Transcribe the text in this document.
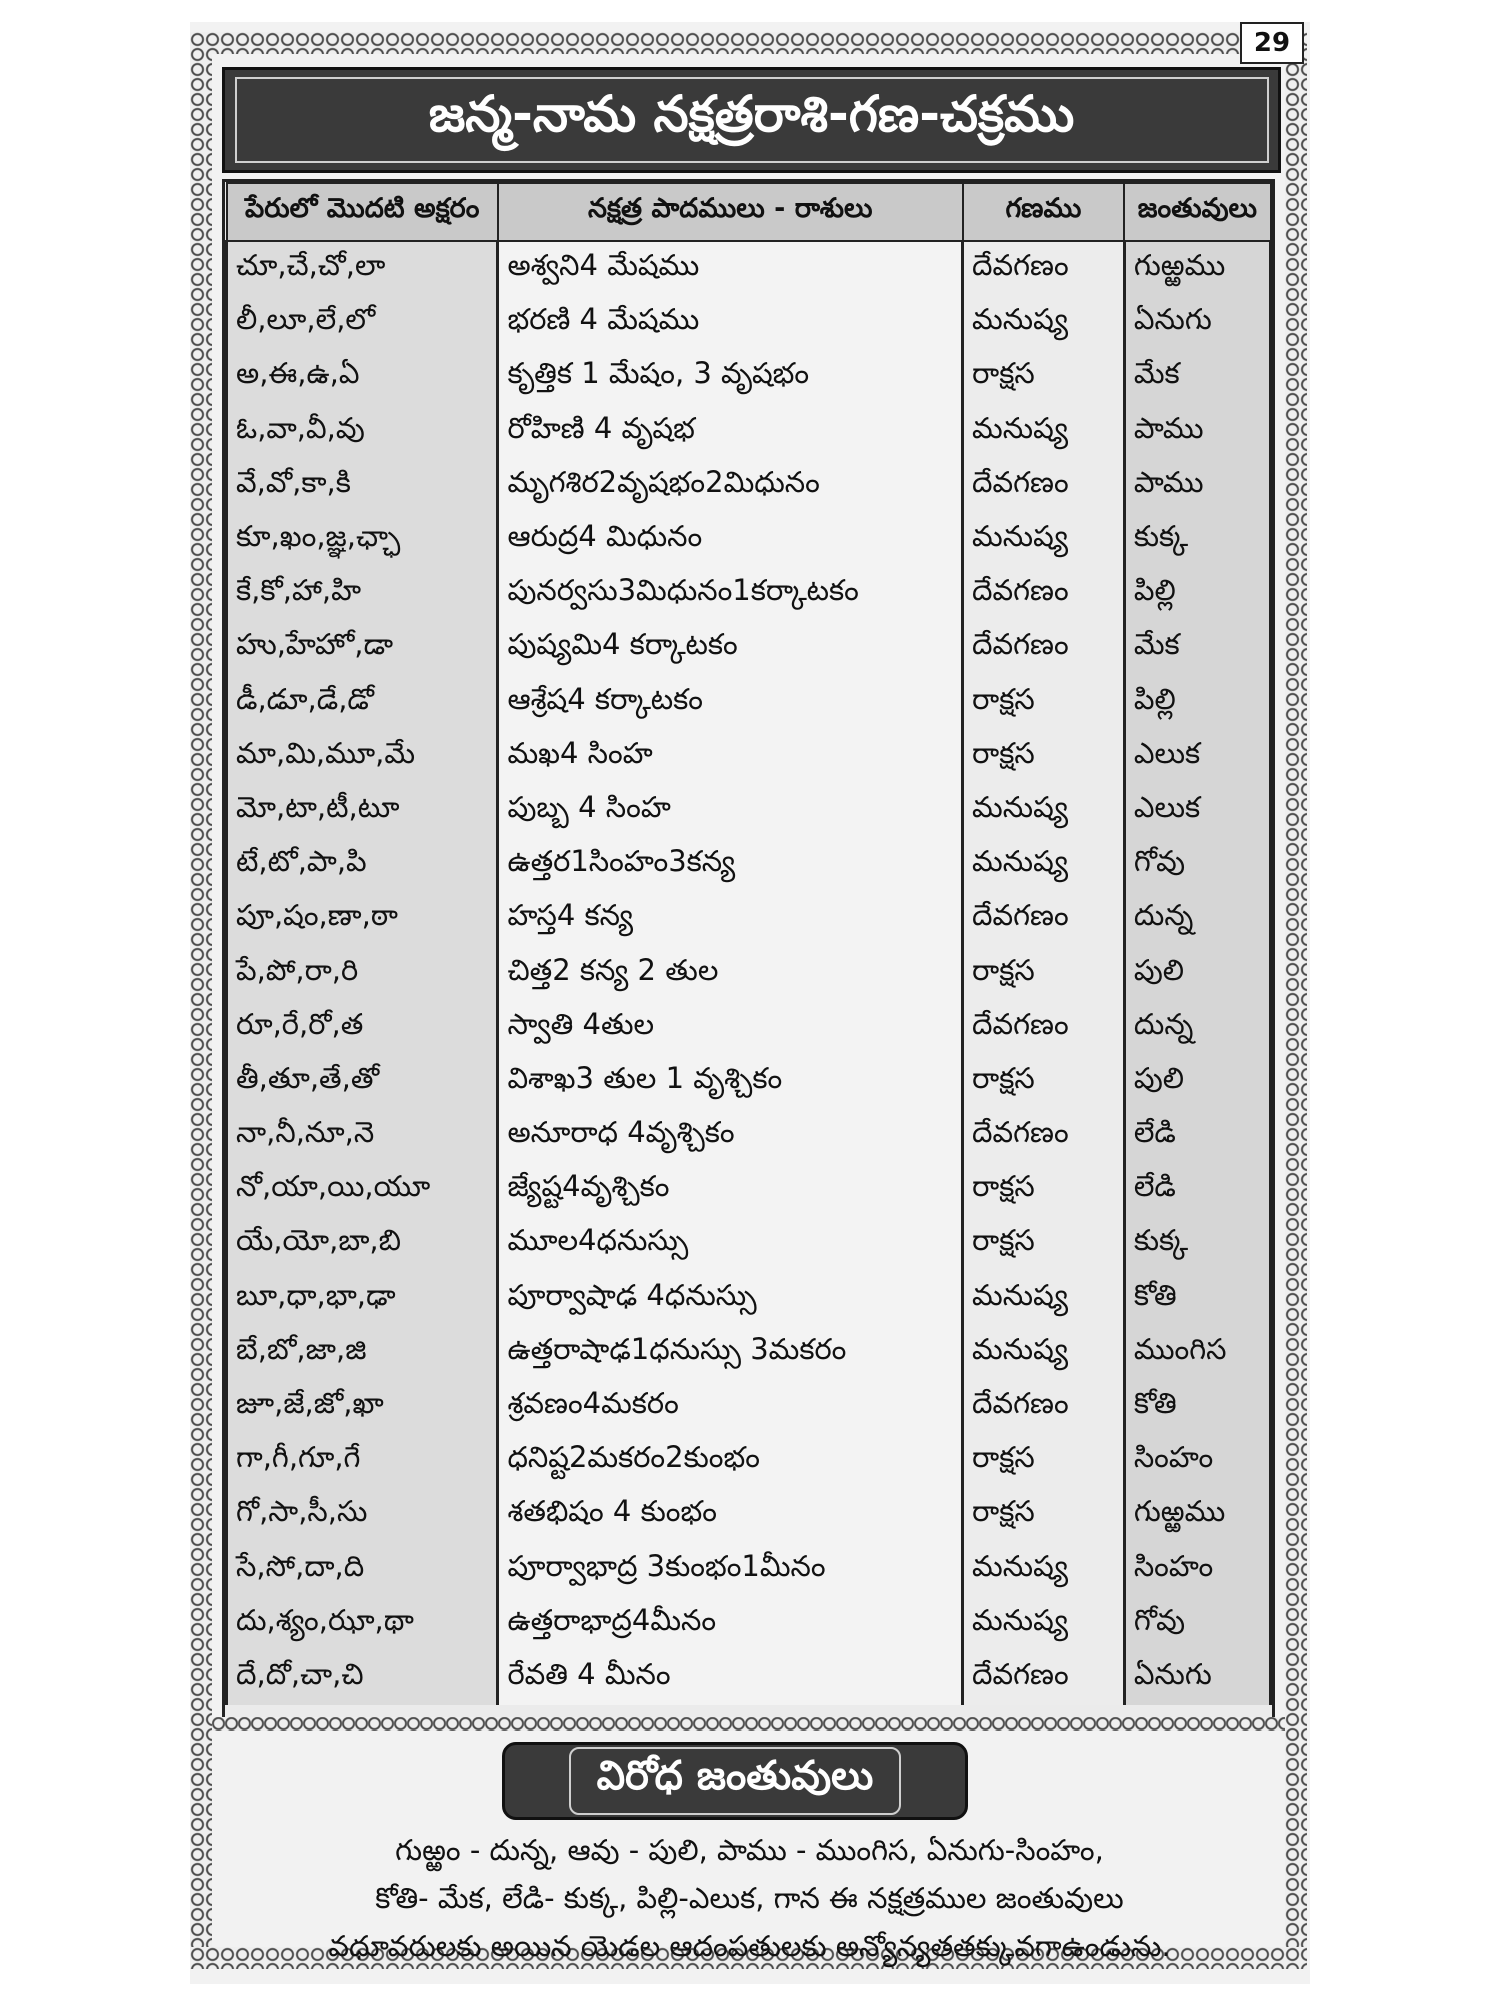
29
జన్మ-నామ నక్షత్రరాశి-గణ-చక్రము
పేరులో మొదటి అక్షరం	నక్షత్ర పాదములు - రాశులు	గణము	జంతువులు
చూ,చే,చో,లా	అశ్వని4 మేషము	దేవగణం	గుఱ్ఱము
లీ,లూ,లే,లో	భరణి 4 మేషము	మనుష్య	ఏనుగు
అ,ఈ,ఉ,ఏ	కృత్తిక 1 మేషం, 3 వృషభం	రాక్షస	మేక
ఓ,వా,వీ,వు	రోహిణి 4 వృషభ	మనుష్య	పాము
వే,వో,కా,కి	మృగశిర2వృషభం2మిధునం	దేవగణం	పాము
కూ,ఖం,జ్ఞ,ఛ్ఛా	ఆరుద్ర4 మిధునం	మనుష్య	కుక్క
కే,కో,హా,హి	పునర్వసు3మిధునం1కర్కాటకం	దేవగణం	పిల్లి
హు,హేహో,డా	పుష్యమి4 కర్కాటకం	దేవగణం	మేక
డీ,డూ,డే,డో	ఆశ్రేష4 కర్కాటకం	రాక్షస	పిల్లి
మా,మి,మూ,మే	మఖ4 సింహ	రాక్షస	ఎలుక
మో,టా,టీ,టూ	పుబ్బ 4 సింహ	మనుష్య	ఎలుక
టే,టో,పా,పి	ఉత్తర1సింహం3కన్య	మనుష్య	గోవు
పూ,షం,ణా,ఠా	హస్త4 కన్య	దేవగణం	దున్న
పే,పో,రా,రి	చిత్త2 కన్య 2 తుల	రాక్షస	పులి
రూ,రే,రో,త	స్వాతి 4తుల	దేవగణం	దున్న
తీ,తూ,తే,తో	విశాఖ3 తుల 1 వృశ్చికం	రాక్షస	పులి
నా,నీ,నూ,నె	అనూరాధ 4వృశ్చికం	దేవగణం	లేడి
నో,యా,యి,యూ	జ్యేష్ట4వృశ్చికం	రాక్షస	లేడి
యే,యో,బా,బి	మూల4ధనుస్సు	రాక్షస	కుక్క
బూ,ధా,భా,ఢా	పూర్వాషాఢ 4ధనుస్సు	మనుష్య	కోతి
బే,బో,జా,జి	ఉత్తరాషాఢ1ధనుస్సు 3మకరం	మనుష్య	ముంగిస
జూ,జే,జో,ఖా	శ్రవణం4మకరం	దేవగణం	కోతి
గా,గీ,గూ,గే	ధనిష్ట2మకరం2కుంభం	రాక్షస	సింహం
గో,సా,సీ,సు	శతభిషం 4 కుంభం	రాక్షస	గుఱ్ఱము
సే,సో,దా,ది	పూర్వాభాద్ర 3కుంభం1మీనం	మనుష్య	సింహం
దు,శ్యం,ఝా,థా	ఉత్తరాభాద్ర4మీనం	మనుష్య	గోవు
దే,దో,చా,చి	రేవతి 4 మీనం	దేవగణం	ఏనుగు
విరోధ జంతువులు
గుఱ్ఱం - దున్న, ఆవు - పులి, పాము - ముంగిస, ఏనుగు-సింహం,
కోతి- మేక, లేడి- కుక్క, పిల్లి-ఎలుక, గాన ఈ నక్షత్రముల జంతువులు
వధూవరులకు అయిన యెడల ఆదంపతులకు అన్యోన్యతతక్కువగాఉండును.
